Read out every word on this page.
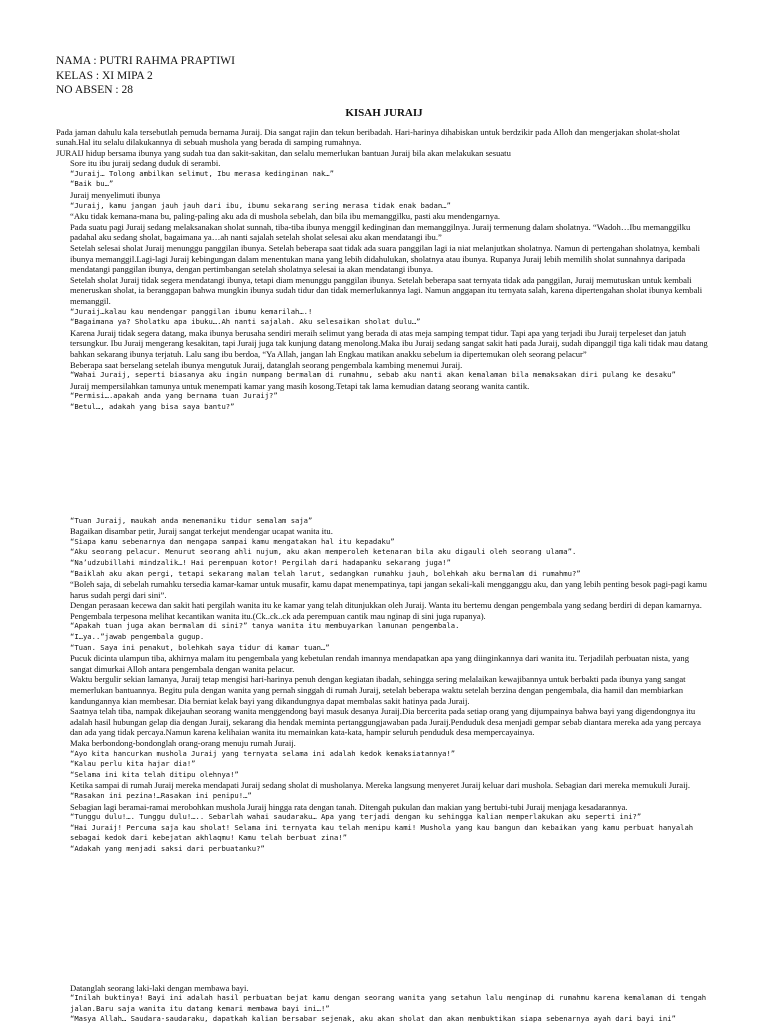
NAMA : PUTRI RAHMA PRAPTIWI
KELAS : XI MIPA 2
NO ABSEN : 28
KISAH JURAIJ

Pada jaman dahulu kala tersebutlah pemuda bernama Juraij. Dia sangat rajin dan tekun beribadah. Hari-harinya dihabiskan untuk berdzikir pada Alloh dan mengerjakan sholat-sholat sunah.Hal itu selalu dilakukannya di sebuah mushola yang berada di samping rumahnya.

JURAIJ hidup bersama ibunya yang sudah tua dan sakit-sakitan, dan selalu memerlukan bantuan Juraij bila akan melakukan sesuatu

Sore itu ibu juraij sedang duduk di serambi.

“Juraij… Tolong ambilkan selimut, Ibu merasa kedinginan nak…”

“Baik bu…”

Juraij menyelimuti ibunya

“Juraij, kamu jangan jauh jauh dari ibu, ibumu sekarang sering merasa tidak enak badan…”

“Aku tidak kemana-mana bu, paling-paling aku ada di mushola sebelah, dan bila ibu memanggilku, pasti aku mendengarnya.

Pada suatu pagi Juraij sedang melaksanakan sholat sunnah, tiba-tiba ibunya menggil kedinginan dan memanggilnya. Juraij termenung dalam sholatnya. “Wadoh…Ibu memanggilku padahal aku sedang sholat, bagaimana ya…ah nanti sajalah setelah sholat selesai aku akan mendatangi ibu.”

Setelah selesai sholat Juraij menunggu panggilan ibunya. Setelah beberapa saat tidak ada suara panggilan lagi ia niat melanjutkan sholatnya. Namun di pertengahan sholatnya, kembali ibunya memanggil.Lagi-lagi Juraij kebingungan dalam menentukan mana yang lebih didahulukan, sholatnya atau ibunya. Rupanya Juraij lebih memilih sholat sunnahnya daripada mendatangi panggilan ibunya, dengan pertimbangan setelah sholatnya selesai ia akan mendatangi ibunya.

Setelah sholat Juraij tidak segera mendatangi ibunya, tetapi diam menunggu panggilan ibunya. Setelah beberapa saat ternyata tidak ada panggilan, Juraij memutuskan untuk kembali meneruskan sholat, ia beranggapan bahwa mungkin ibunya sudah tidur dan tidak memerlukannya lagi. Namun anggapan itu ternyata salah, karena dipertengahan sholat ibunya kembali memanggil.

“Juraij…kalau kau mendengar panggilan ibumu kemarilah….!

“Bagaimana ya? Sholatku apa ibuku….Ah nanti sajalah. Aku selesaikan sholat dulu…”

Karena Juraij tidak segera datang, maka ibunya berusaha sendiri meraih selimut yang berada di atas meja samping tempat tidur. Tapi apa yang terjadi ibu Juraij terpeleset dan jatuh tersungkur. Ibu Juraij mengerang kesakitan, tapi Juraij juga tak kunjung datang menolong.Maka ibu Juraij sedang sangat sakit hati pada Juraij, sudah dipanggil tiga kali tidak mau datang bahkan sekarang ibunya terjatuh. Lalu sang ibu berdoa, “Ya Allah, jangan lah Engkau matikan anakku sebelum ia dipertemukan oleh seorang pelacur”

Beberapa saat berselang setelah ibunya mengutuk Juraij, datanglah seorang pengembala kambing menemui Juraij.

“Wahai Juraij, seperti biasanya aku ingin numpang bermalam di rumahmu, sebab aku nanti akan kemalaman bila memaksakan diri pulang ke desaku”

Juraij mempersilahkan tamunya untuk menempati kamar yang masih kosong.Tetapi tak lama kemudian datang seorang wanita cantik.

“Permisi….apakah anda yang bernama tuan Juraij?”

“Betul…, adakah yang bisa saya bantu?”

“Tuan Juraij, maukah anda menemaniku tidur semalam saja”

Bagaikan disambar petir, Juraij sangat terkejut mendengar ucapat wanita itu.

“Siapa kamu sebenarnya dan mengapa sampai kamu mengatakan hal itu kepadaku”

“Aku seorang pelacur. Menurut seorang ahli nujum, aku akan memperoleh ketenaran bila aku digauli oleh seorang ulama”.

“Na’udzubillahi mindzalik…! Hai perempuan kotor! Pergilah dari hadapanku sekarang juga!”

“Baiklah aku akan pergi, tetapi sekarang malam telah larut, sedangkan rumahku jauh, bolehkah aku bermalam di rumahmu?”

“Boleh saja, di sebelah rumahku tersedia kamar-kamar untuk musafir, kamu dapat menempatinya, tapi jangan sekali-kali mengganggu aku, dan yang lebih penting besok pagi-pagi kamu harus sudah pergi dari sini”.

Dengan perasaan kecewa dan sakit hati pergilah wanita itu ke kamar yang telah ditunjukkan oleh Juraij. Wanta itu bertemu dengan pengembala yang sedang berdiri di depan kamarnya. Pengembala terpesona melihat kecantikan wanita itu.(Ck..ck..ck ada perempuan cantik mau nginap di sini juga rupanya).

“Apakah tuan juga akan bermalam di sini?” tanya wanita itu membuyarkan lamunan pengembala.

“I…ya..”jawab pengembala gugup.

“Tuan. Saya ini penakut, bolehkah saya tidur di kamar tuan…”

Pucuk dicinta ulampun tiba, akhirnya malam itu pengembala yang kebetulan rendah imannya mendapatkan apa yang diinginkannya dari wanita itu. Terjadilah perbuatan nista, yang sangat dimurkai Alloh antara pengembala dengan wanita pelacur.

Waktu bergulir sekian lamanya, Juraij tetap mengisi hari-harinya penuh dengan kegiatan ibadah, sehingga sering melalaikan kewajibannya untuk berbakti pada ibunya yang sangat memerlukan bantuannya. Begitu pula dengan wanita yang pernah singgah di rumah Juraij, setelah beberapa waktu setelah berzina dengan pengembala, dia hamil dan membiarkan kandungannya kian membesar. Dia berniat kelak bayi yang dikandungnya dapat membalas sakit hatinya pada Juraij.

Saatnya telah tiba, nampak dikejauhan seorang wanita menggendong bayi masuk desanya Juraij.Dia bercerita pada setiap orang yang dijumpainya bahwa bayi yang digendongnya itu adalah hasil hubungan gelap dia dengan Juraij, sekarang dia hendak meminta pertanggungjawaban pada Juraij.Penduduk desa menjadi gempar sebab diantara mereka ada yang percaya dan ada yang tidak percaya.Namun karena kelihaian wanita itu memainkan kata-kata, hampir seluruh penduduk desa mempercayainya.

Maka berbondong-bondonglah orang-orang menuju rumah Juraij.

“Ayo kita hancurkan mushola Juraij yang ternyata selama ini adalah kedok kemaksiatannya!”

“Kalau perlu kita hajar dia!”

“Selama ini kita telah ditipu olehnya!”

Ketika sampai di rumah Juraij mereka mendapati Juraij sedang sholat di musholanya. Mereka langsung menyeret Juraij keluar dari mushola. Sebagian dari mereka memukuli Juraij.

“Rasakan ini pezina!…Rasakan ini penipu!…”

Sebagian lagi beramai-ramai merobohkan mushola Juraij hingga rata dengan tanah. Ditengah pukulan dan makian yang bertubi-tubi Juraij menjaga kesadarannya.

“Tunggu dulu!…. Tunggu dulu!….. Sebarlah wahai saudaraku… Apa yang terjadi dengan ku sehingga kalian memperlakukan aku seperti ini?”

“Hai Juraij! Percuma saja kau sholat! Selama ini ternyata kau telah menipu kami! Mushola yang kau bangun dan kebaikan yang kamu perbuat hanyalah sebagai kedok dari kebejatan akhlaqmu! Kamu telah berbuat zina!”

“Adakah yang menjadi saksi dari perbuatanku?”

Datanglah seorang laki-laki dengan membawa bayi.

“Inilah buktinya! Bayi ini adalah hasil perbuatan bejat kamu dengan seorang wanita yang setahun lalu menginap di rumahmu karena kemalaman di tengah jalan.Baru saja wanita itu datang kemari membawa bayi ini…!”

“Masya Allah… Saudara-saudaraku, dapatkah kalian bersabar sejenak, aku akan sholat dan akan membuktikan siapa sebenarnya ayah dari bayi ini”
